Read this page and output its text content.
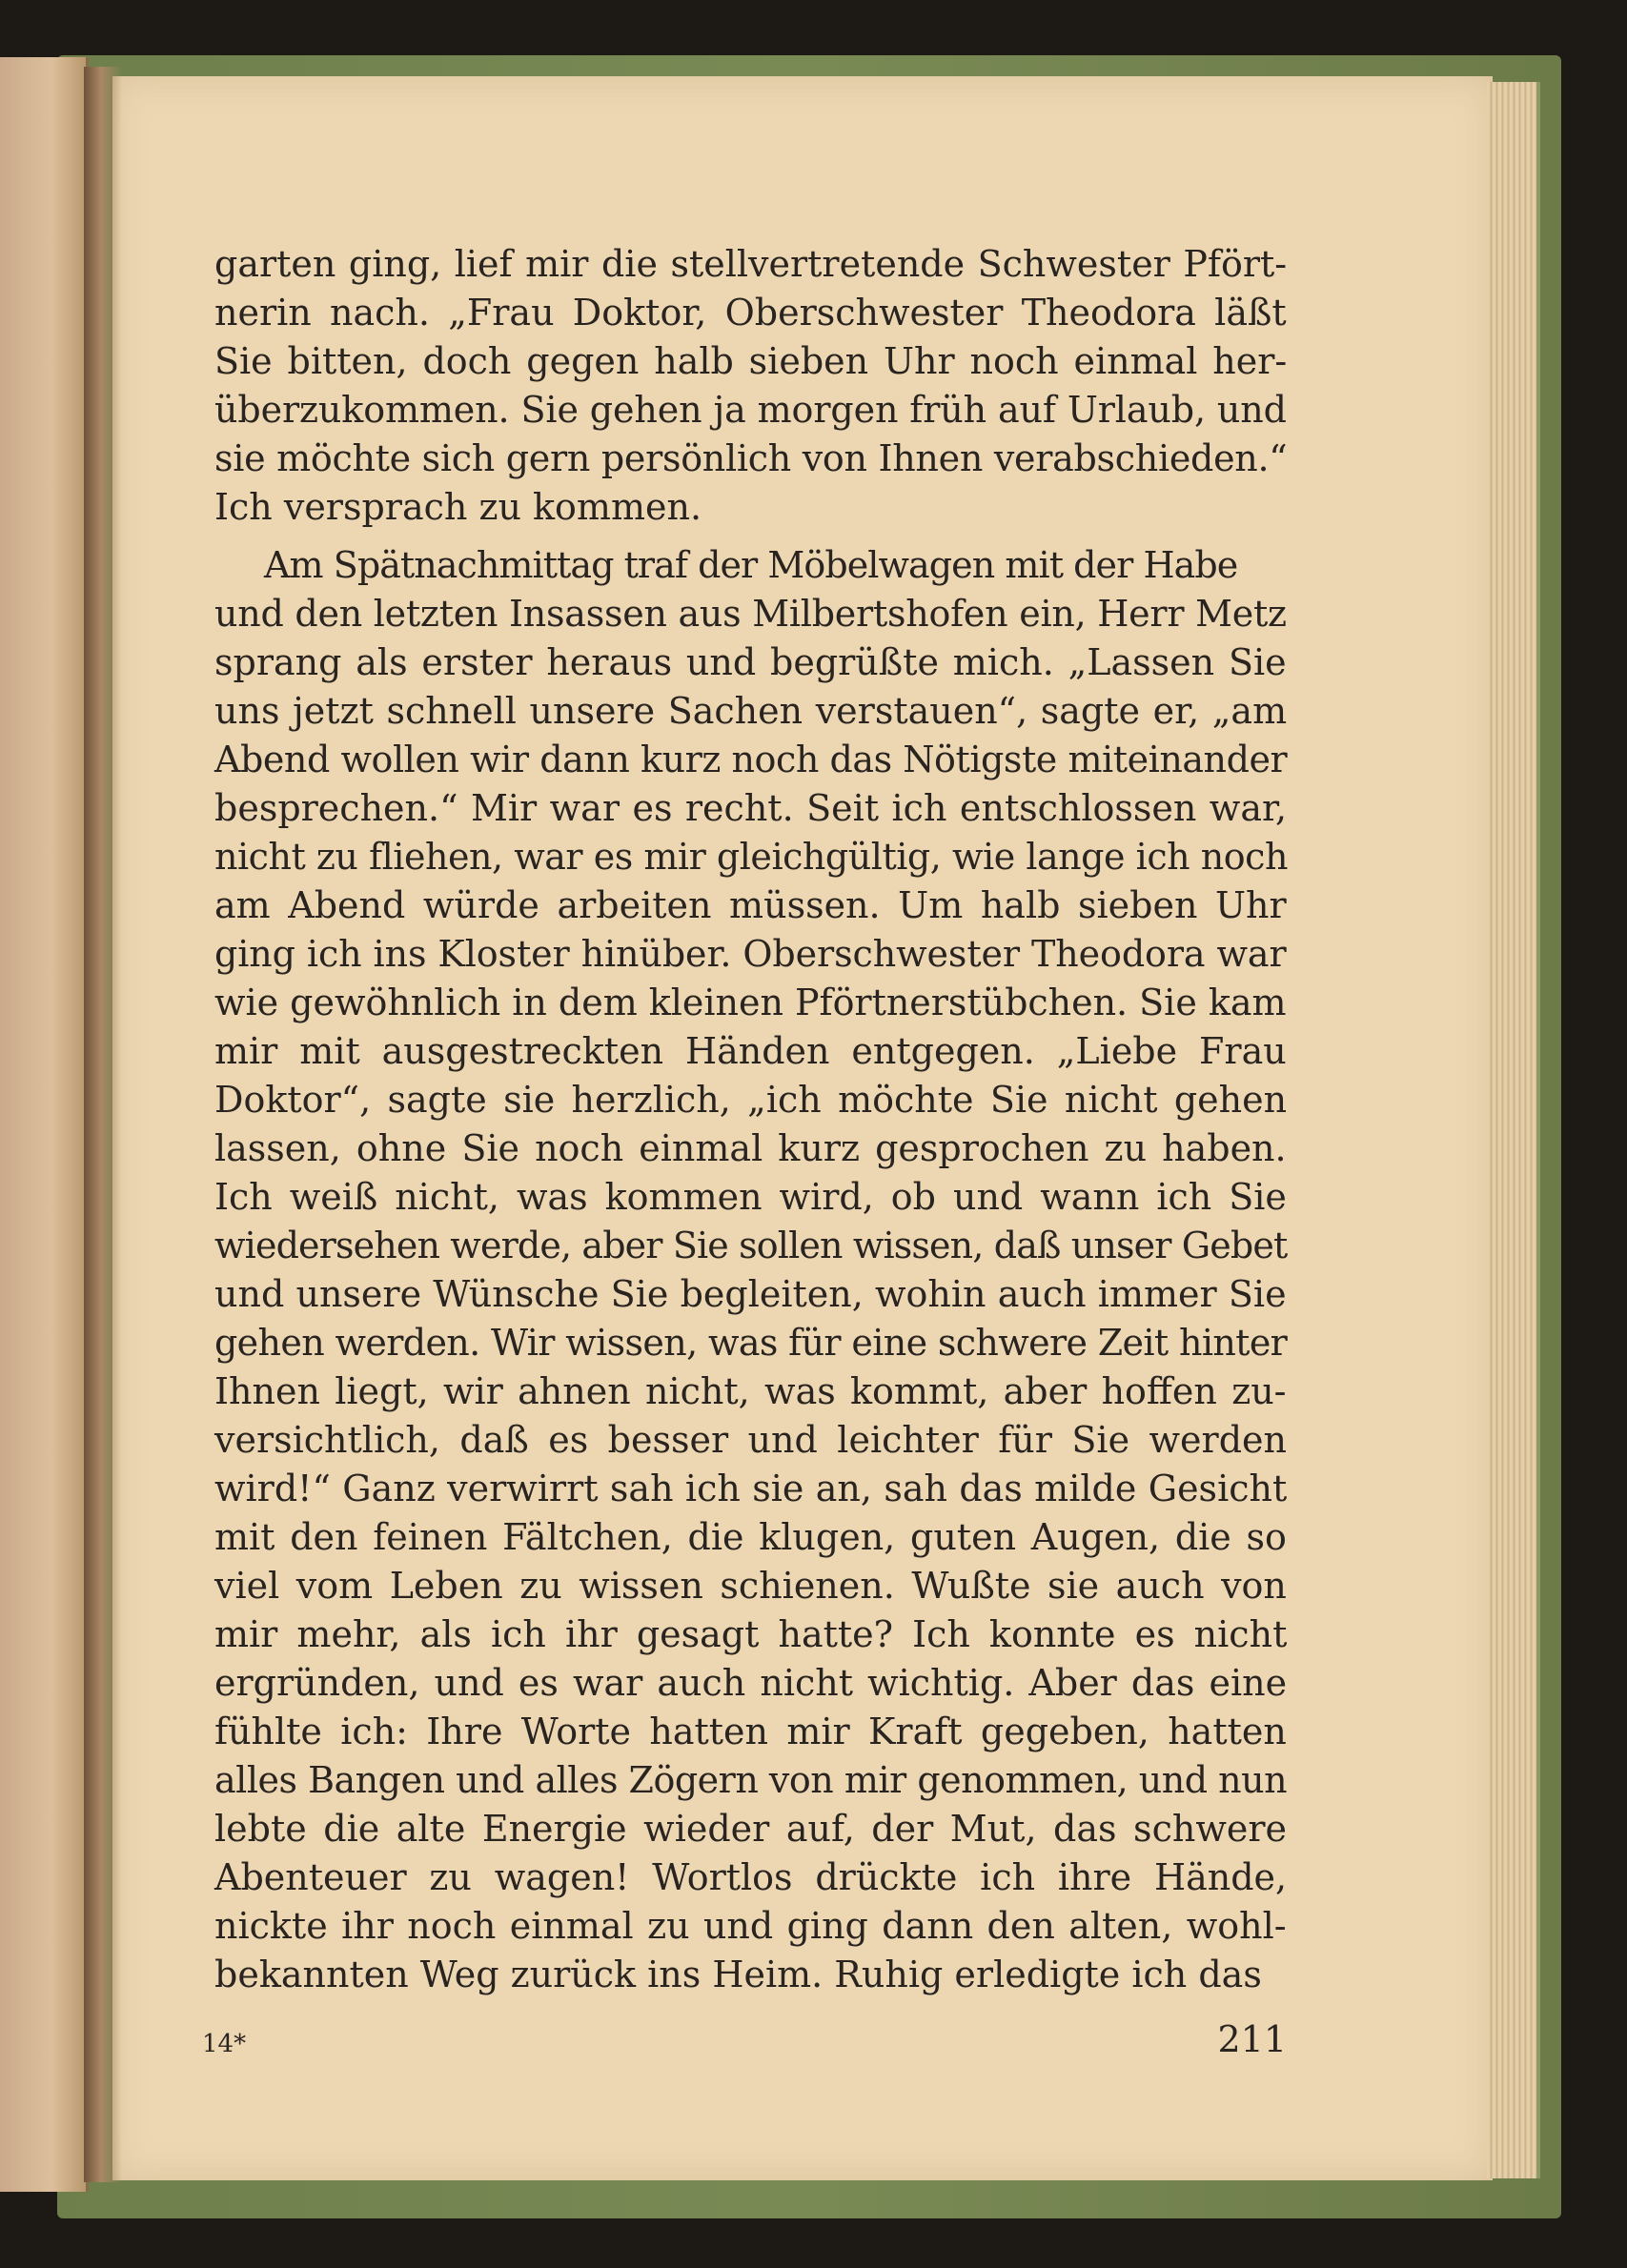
garten ging, lief mir die stellvertretende Schwester Pfört-
nerin nach. „Frau Doktor, Oberschwester Theodora läßt
Sie bitten, doch gegen halb sieben Uhr noch einmal her-
überzukommen. Sie gehen ja morgen früh auf Urlaub, und
sie möchte sich gern persönlich von Ihnen verabschieden.“
Ich versprach zu kommen.

Am Spätnachmittag traf der Möbelwagen mit der Habe
und den letzten Insassen aus Milbertshofen ein, Herr Metz
sprang als erster heraus und begrüßte mich. „Lassen Sie
uns jetzt schnell unsere Sachen verstauen“, sagte er, „am
Abend wollen wir dann kurz noch das Nötigste miteinander
besprechen.“ Mir war es recht. Seit ich entschlossen war,
nicht zu fliehen, war es mir gleichgültig, wie lange ich noch
am Abend würde arbeiten müssen. Um halb sieben Uhr
ging ich ins Kloster hinüber. Oberschwester Theodora war
wie gewöhnlich in dem kleinen Pförtnerstübchen. Sie kam
mir mit ausgestreckten Händen entgegen. „Liebe Frau
Doktor“, sagte sie herzlich, „ich möchte Sie nicht gehen
lassen, ohne Sie noch einmal kurz gesprochen zu haben.
Ich weiß nicht, was kommen wird, ob und wann ich Sie
wiedersehen werde, aber Sie sollen wissen, daß unser Gebet
und unsere Wünsche Sie begleiten, wohin auch immer Sie
gehen werden. Wir wissen, was für eine schwere Zeit hinter
Ihnen liegt, wir ahnen nicht, was kommt, aber hoffen zu-
versichtlich, daß es besser und leichter für Sie werden
wird!“ Ganz verwirrt sah ich sie an, sah das milde Gesicht
mit den feinen Fältchen, die klugen, guten Augen, die so
viel vom Leben zu wissen schienen. Wußte sie auch von
mir mehr, als ich ihr gesagt hatte? Ich konnte es nicht
ergründen, und es war auch nicht wichtig. Aber das eine
fühlte ich: Ihre Worte hatten mir Kraft gegeben, hatten
alles Bangen und alles Zögern von mir genommen, und nun
lebte die alte Energie wieder auf, der Mut, das schwere
Abenteuer zu wagen! Wortlos drückte ich ihre Hände,
nickte ihr noch einmal zu und ging dann den alten, wohl-
bekannten Weg zurück ins Heim. Ruhig erledigte ich das

14*	211
